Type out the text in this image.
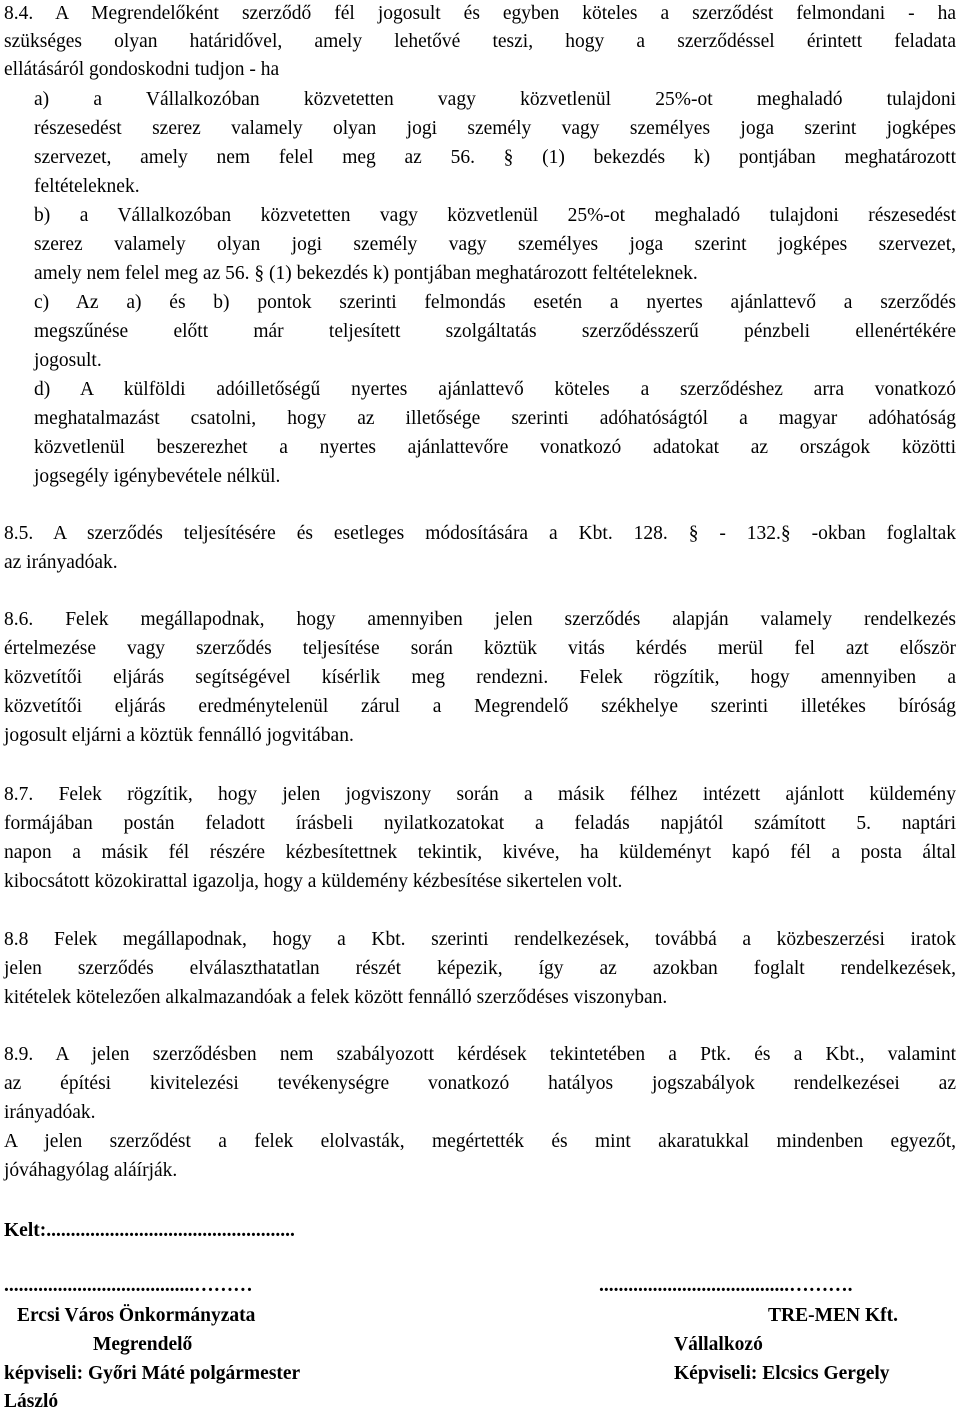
8.4. A Megrendelőként szerződő fél jogosult és egyben köteles a szerződést felmondani - ha
szükséges olyan határidővel, amely lehetővé teszi, hogy a szerződéssel érintett feladata
ellátásáról gondoskodni tudjon - ha
a) a Vállalkozóban közvetetten vagy közvetlenül 25%-ot meghaladó tulajdoni
részesedést szerez valamely olyan jogi személy vagy személyes joga szerint jogképes
szervezet, amely nem felel meg az 56. § (1) bekezdés k) pontjában meghatározott
feltételeknek.
b) a Vállalkozóban közvetetten vagy közvetlenül 25%-ot meghaladó tulajdoni részesedést
szerez valamely olyan jogi személy vagy személyes joga szerint jogképes szervezet,
amely nem felel meg az 56. § (1) bekezdés k) pontjában meghatározott feltételeknek.
c) Az a) és b) pontok szerinti felmondás esetén a nyertes ajánlattevő a szerződés
megszűnése előtt már teljesített szolgáltatás szerződésszerű pénzbeli ellenértékére
jogosult.
d) A külföldi adóilletőségű nyertes ajánlattevő köteles a szerződéshez arra vonatkozó
meghatalmazást csatolni, hogy az illetősége szerinti adóhatóságtól a magyar adóhatóság
közvetlenül beszerezhet a nyertes ajánlattevőre vonatkozó adatokat az országok közötti
jogsegély igénybevétele nélkül.
8.5. A szerződés teljesítésére és esetleges módosítására a Kbt. 128. § - 132.§ -okban foglaltak
az irányadóak.
8.6. Felek megállapodnak, hogy amennyiben jelen szerződés alapján valamely rendelkezés
értelmezése vagy szerződés teljesítése során köztük vitás kérdés merül fel azt először
közvetítői eljárás segítségével kísérlik meg rendezni. Felek rögzítik, hogy amennyiben a
közvetítői eljárás eredménytelenül zárul a Megrendelő székhelye szerinti illetékes bíróság
jogosult eljárni a köztük fennálló jogvitában.
8.7. Felek rögzítik, hogy jelen jogviszony során a másik félhez intézett ajánlott küldemény
formájában postán feladott írásbeli nyilatkozatokat a feladás napjától számított 5. naptári
napon a másik fél részére kézbesítettnek tekintik, kivéve, ha küldeményt kapó fél a posta által
kibocsátott közokirattal igazolja, hogy a küldemény kézbesítése sikertelen volt.
8.8 Felek megállapodnak, hogy a Kbt. szerinti rendelkezések, továbbá a közbeszerzési iratok
jelen szerződés elválaszthatatlan részét képezik, így az azokban foglalt rendelkezések,
kitételek kötelezően alkalmazandóak a felek között fennálló szerződéses viszonyban.
8.9. A jelen szerződésben nem szabályozott kérdések tekintetében a Ptk. és a Kbt., valamint
az építési kivitelezési tevékenységre vonatkozó hatályos jogszabályok rendelkezései az
irányadóak.
A jelen szerződést a felek elolvasták, megértették és mint akaratukkal mindenben egyezőt,
jóváhagyólag aláírják.
Kelt:...................................................
.......................................………	.......................................……….
Ercsi Város Önkormányzata	TRE-MEN Kft.
Megrendelő	Vállalkozó
képviseli: Győri Máté polgármester	Képviseli: Elcsics Gergely
László
